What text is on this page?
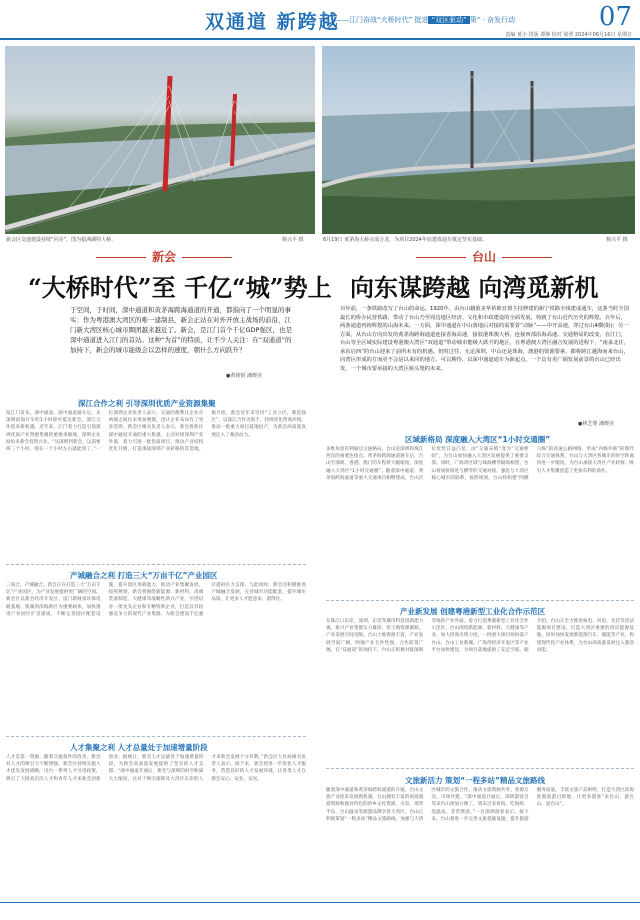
双通道 新跨越
——江门奋战“大桥时代” 挺进 “双区驱动” 策“ · 奋发行动	07
责编 黄小 排版 谭静 校对 梁翠 2024年06月16日 星期日
新会区交通建设持续“闪亮”，图为银洲湖特大桥。	杨兴平 摄	6月19日 黄茅海大桥完成合龙，为项目2024年底建成通车奠定坚实基础。	杨兴平 摄
新会
“大桥时代”至 千亿“城”势上
于空间，于时间，深中通道和黄茅海跨海通道的开通，都指向了一个明显的事实：作为粤港澳大湾区的唯一建制县，新会正站在对外开放主战场的前沿，江门新大湾区核心城市圈团越来越近了。新会，是江门首个千亿GDP强区，也是深中通道进入江门的首站。这种“为首”的特质，让不少人关注：在“双通道”的加持下，新会的城市能级会以怎样的速度，朝什么方向跃升？
●黄铭锐 潘晓美
深江合作之利 引导深圳优质产业资源集聚
按江门发布，深中通道。深中通道通车后，从深圳前海开车约1小时即可抵达新会，深江合作迎来新机遇。近年来，江门着力打造引领深圳优质产业资源集聚的重要承载地，深圳企业纷纷来新会投资兴业。“从深圳到新会，以前要两三个小时，现在一个小时左右就能到了。”一位深圳企业负责人表示，交通的便利让企业在两地之间往来更加便捷，也让企业布局有了更多选择。新会区相关负责人表示，新会将抓住深中通道开通的重大机遇，主动对接深圳产业外溢，着力引进一批优质项目，推动产业结构优化升级，打造承接深圳产业转移的首选地。据介绍，新会近年来坚持“工业立区、制造强区”，以深江合作为抓手，持续优化营商环境，推动一批重大项目落地投产，为新会高质量发展注入了强劲动力。
产城融合之利 打造三大“万亩千亿”产业园区
三国合，产城融合。新会正在打造三大“万亩千亿”产业园区，为产业发展提供更广阔的空间。新会区以新会经济开发区、崖门新财富环保电镀基地、银湖湾滨海新区为重要载体，加快推进产业园区扩容提质，不断完善园区配套设施，提升园区承载能力，推动产业集聚发展。按照规划，新会将围绕新能源、新材料、高端装备制造、大健康等战略性新兴产业，引进培育一批龙头企业和专精特新企业，打造具有较强竞争力的现代产业集群，为新会建设千亿强区提供有力支撑。与此同时，新会还积极推进产城融合发展，完善城市功能配套，提升城市品质，让更多人才愿意来、留得住。
人才集聚之利 人才总量处于加速增量阶段
人才是第一资源。随着交通条件的改善，新会对人才的吸引力不断增强。新会区持续实施人才优先发展战略，出台一系列人才引进政策，吸引了大批高层次人才和青年人才来新会创新创业。据统计，新会人才总量处于加速增量阶段，为新会高质量发展提供了坚实的人才支撑。“深中通道开通后，新会与深圳的时空距离大大缩短，这对于吸引深圳及大湾区东岸的人才来新会发展十分有利。”新会区人社局相关负责人表示，接下来，新会将进一步优化人才服务，营造良好的人才发展环境，让各类人才在新会安心、安业、安居。
台山
向东谋跨越 向湾觅新机
百年前，一条铁路改写了台山的命运。1920年，由台山籍旅美华侨陈宜禧主持修建的新宁铁路全线建成通车，这条当时全国最长的侨办民营铁路，带动了台山乃至周边地区经济、文化和市政建设的全面发展，铸就了台山近代历史的辉煌。百年后，两条通道再铸辉煌的山海未来。一方面，深中通道在中山落地后对接的需要着“动脉”——中开高速，穿过台山4横(街)；另一方面，从台山方向出发的黄茅海跨海通道连接香海高速、接驳港珠澳大桥，连接西部沿海高速。交通格局的改变，在江门，台山等全区域实际建设粤港澳大湾区“双通道”带动城市能级大跃升的地区，在粤港澳大湾区融合发展的进程下，“南来北往，承东启西”的台山迎来了前所未有的机遇。但时过往，无论深圳，中山还是珠海，澳港的资源要素，都将跨江越海而来台山，向湾区形成的方而更不会是以来回的地方。可以期待，以深中通道通车为新起点，一个具有更广阔发展前景的台山已经出发，一个城市要承接的大湾区桥头堡的未来。
●林芝骏 潘晓美
区域新格局 深度融入大湾区“1小时交通圈”
多维角度有利通达交通格局。台山是深圳和珠江西岸的重要连接点。黄茅海跨海通道通车后，台山至深圳、香港、澳门的车程将大幅缩短，深度融入大湾区“1小时交通圈”。随着深中通道、黄茅海跨海通道等重大交通项目相继建成，台山区位优势日益凸显，由“交通末梢”变为“交通枢纽”，为台山加快融入大湾区发展提供了重要支撑。同时，广海湾区域与珠海横琴隔海相望，台山将加快推进与横琴的交通对接，强化与大湾区核心城市的联系。按照规划，台山将构建“四横六纵”的高速公路网络，形成“内畅外联”的现代综合交通体系，台山与大湾区各城市的时空距离将进一步缩短，为台山承接大湾区产业转移、吸引人才集聚创造了更加有利的条件。
产业新发展 创建粤港新型工业化合作示范区
在珠江口东岸，深圳、东莞等城市科技创新能力强，新兴产业集群实力雄厚，但土地资源紧缺，产业发展空间受限。台山土地资源丰富，产业发展空间广阔，两地产业互补性强，合作前景广阔。在“双通道”的加持下，台山正积极对接深圳等地的产业外溢，着力打造粤港新型工业化合作示范区。台山围绕新能源、新材料、大健康等产业，加大招商引资力度，一批重大项目纷纷落户台山。台山工业新城、广海湾经济开发区等产业平台加快建设，为项目落地提供了充足空间。据介绍，台山正全力推进核电、风电、光伏等清洁能源项目建设，打造大湾区重要的清洁能源基地，同时加快发展新能源汽车、储能等产业，构建现代化产业体系，为台山高质量发展注入强劲动能。
文旅新活力 策划“一程多站”精品文旅路线
随着深中通道和黄茅海跨海通道的开通，台山文旅产业迎来发展新机遇。台山拥有丰富的滨海旅游资源和独具特色的侨乡文化资源，川岛、那琴半岛、台山温泉等旅游品牌享誉大湾区。台山正积极策划“一程多站”精品文旅路线，加强与大湾区城市的文旅合作，推动文旅资源共享、客源互送、市场共建。“深中通道开通后，深圳游客自驾来台山更加方便了，周末过来看海、吃海鲜、泡温泉，非常惬意。”一位深圳游客表示。接下来，台山将进一步完善文旅基础设施，提升旅游服务质量，丰富文旅产品供给，打造大湾区滨海度假旅游目的地，让更多游客“来台山、游台山、爱台山”。
